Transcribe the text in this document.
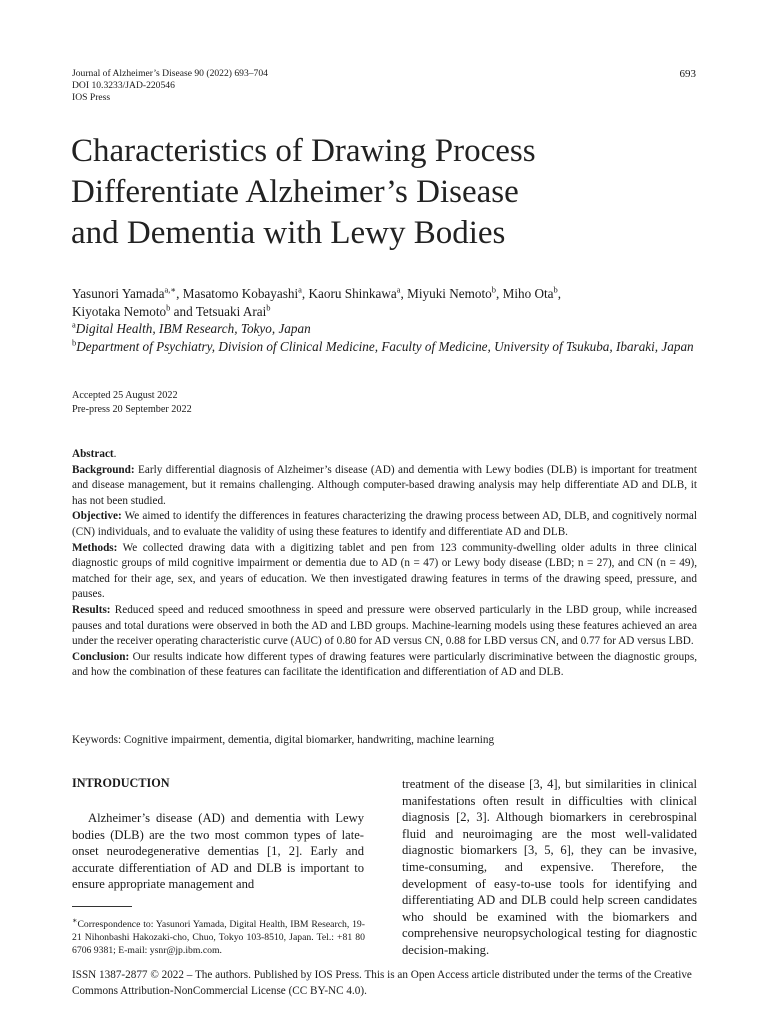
Journal of Alzheimer’s Disease 90 (2022) 693–704
DOI 10.3233/JAD-220546
IOS Press
693
Characteristics of Drawing Process
Differentiate Alzheimer’s Disease
and Dementia with Lewy Bodies
Yasunori Yamada$^{a,∗}$, Masatomo Kobayashi$^a$, Kaoru Shinkawa$^a$, Miyuki Nemoto$^b$, Miho Ota$^b$,
Kiyotaka Nemoto$^b$ and Tetsuaki Arai$^b$
$^a$Digital Health, IBM Research, Tokyo, Japan
$^b$Department of Psychiatry, Division of Clinical Medicine, Faculty of Medicine, University of Tsukuba, Ibaraki, Japan
Accepted 25 August 2022
Pre-press 20 September 2022

Abstract.

Background: Early differential diagnosis of Alzheimer’s disease (AD) and dementia with Lewy bodies (DLB) is important for treatment and disease management, but it remains challenging. Although computer-based drawing analysis may help differentiate AD and DLB, it has not been studied.

Objective: We aimed to identify the differences in features characterizing the drawing process between AD, DLB, and cognitively normal (CN) individuals, and to evaluate the validity of using these features to identify and differentiate AD and DLB.

Methods: We collected drawing data with a digitizing tablet and pen from 123 community-dwelling older adults in three clinical diagnostic groups of mild cognitive impairment or dementia due to AD (n = 47) or Lewy body disease (LBD; n = 27), and CN (n = 49), matched for their age, sex, and years of education. We then investigated drawing features in terms of the drawing speed, pressure, and pauses.

Results: Reduced speed and reduced smoothness in speed and pressure were observed particularly in the LBD group, while increased pauses and total durations were observed in both the AD and LBD groups. Machine-learning models using these features achieved an area under the receiver operating characteristic curve (AUC) of 0.80 for AD versus CN, 0.88 for LBD versus CN, and 0.77 for AD versus LBD.

Conclusion: Our results indicate how different types of drawing features were particularly discriminative between the diagnostic groups, and how the combination of these features can facilitate the identification and differentiation of AD and DLB.

Keywords: Cognitive impairment, dementia, digital biomarker, handwriting, machine learning
INTRODUCTION

Alzheimer’s disease (AD) and dementia with Lewy bodies (DLB) are the two most common types of late-onset neurodegenerative dementias [1, 2]. Early and accurate differentiation of AD and DLB is important to ensure appropriate management and

∗Correspondence to: Yasunori Yamada, Digital Health, IBM Research, 19-21 Nihonbashi Hakozaki-cho, Chuo, Tokyo 103-8510, Japan. Tel.: +81 80 6706 9381; E-mail: ysnr@jp.ibm.com.

treatment of the disease [3, 4], but similarities in clinical manifestations often result in difficulties with clinical diagnosis [2, 3]. Although biomarkers in cerebrospinal fluid and neuroimaging are the most well-validated diagnostic biomarkers [3, 5, 6], they can be invasive, time-consuming, and expensive. Therefore, the development of easy-to-use tools for identifying and differentiating AD and DLB could help screen candidates who should be examined with the biomarkers and comprehensive neuropsychological testing for diagnostic decision-making.

ISSN 1387-2877 © 2022 – The authors. Published by IOS Press. This is an Open Access article distributed under the terms of the Creative Commons Attribution-NonCommercial License (CC BY-NC 4.0).
